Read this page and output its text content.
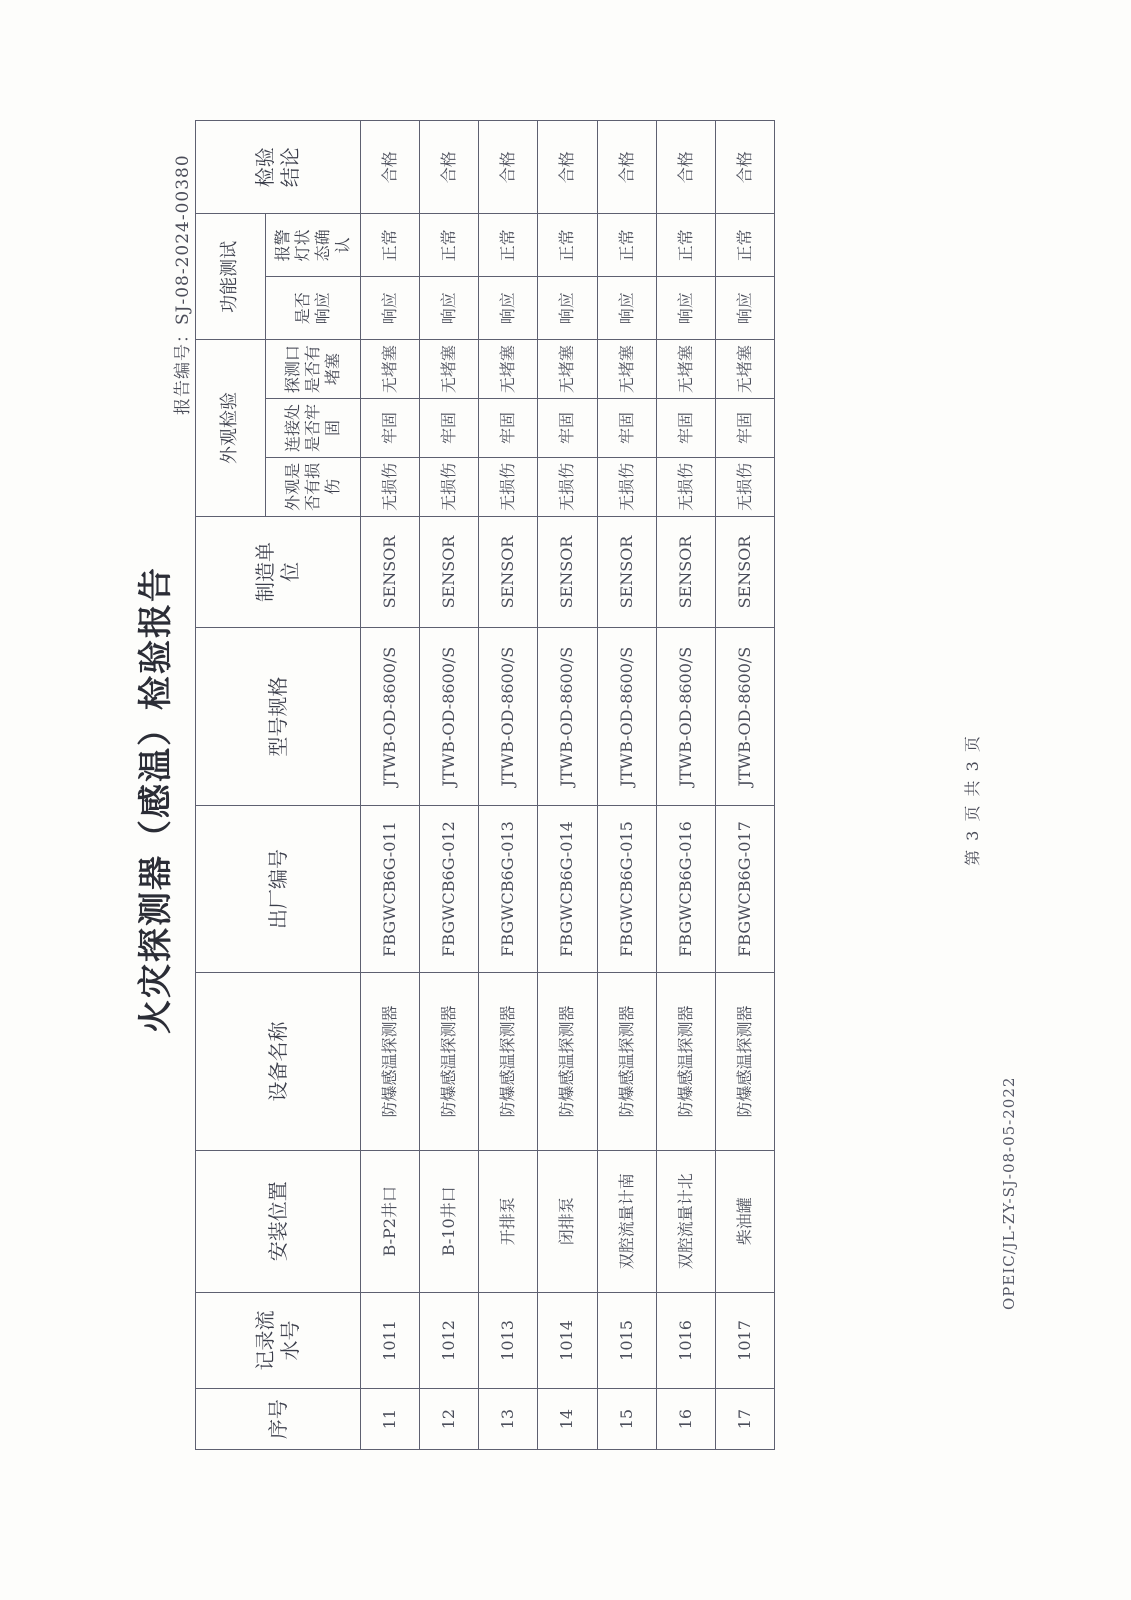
火灾探测器（感温）检验报告
报告编号：SJ-08-2024-00380
序号	记录流水号	安装位置	设备名称	出厂编号	型号规格	制造单位	外观检验			功能测试		检验结论
							外观是否有损伤	连接处是否牢固	探测口是否有堵塞	是否响应	报警灯状态确认	
11	1011	B-P2井口	防爆感温探测器	FBGWCB6G-011	JTWB-OD-8600/S	SENSOR	无损伤	牢固	无堵塞	响应	正常	合格
12	1012	B-10井口	防爆感温探测器	FBGWCB6G-012	JTWB-OD-8600/S	SENSOR	无损伤	牢固	无堵塞	响应	正常	合格
13	1013	开排泵	防爆感温探测器	FBGWCB6G-013	JTWB-OD-8600/S	SENSOR	无损伤	牢固	无堵塞	响应	正常	合格
14	1014	闭排泵	防爆感温探测器	FBGWCB6G-014	JTWB-OD-8600/S	SENSOR	无损伤	牢固	无堵塞	响应	正常	合格
15	1015	双腔流量计南	防爆感温探测器	FBGWCB6G-015	JTWB-OD-8600/S	SENSOR	无损伤	牢固	无堵塞	响应	正常	合格
16	1016	双腔流量计北	防爆感温探测器	FBGWCB6G-016	JTWB-OD-8600/S	SENSOR	无损伤	牢固	无堵塞	响应	正常	合格
17	1017	柴油罐	防爆感温探测器	FBGWCB6G-017	JTWB-OD-8600/S	SENSOR	无损伤	牢固	无堵塞	响应	正常	合格
第 3 页 共 3 页
OPEIC/JL-ZY-SJ-08-05-2022
